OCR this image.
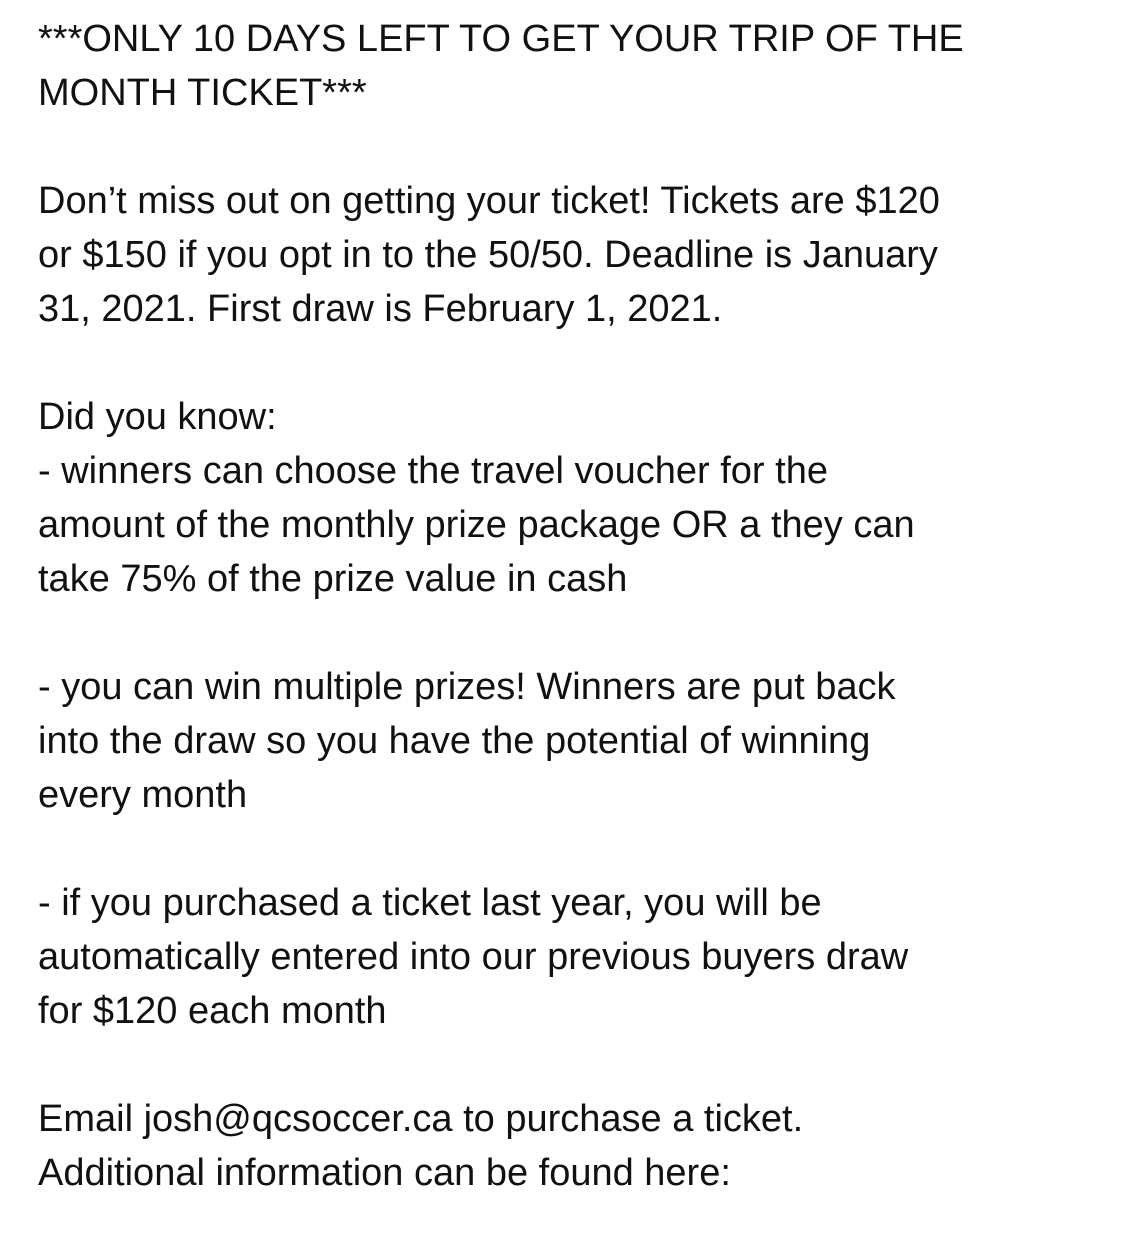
***ONLY 10 DAYS LEFT TO GET YOUR TRIP OF THE
MONTH TICKET***

Don’t miss out on getting your ticket! Tickets are $120
or $150 if you opt in to the 50/50. Deadline is January
31, 2021. First draw is February 1, 2021.

Did you know:
- winners can choose the travel voucher for the
amount of the monthly prize package OR a they can
take 75% of the prize value in cash

- you can win multiple prizes! Winners are put back
into the draw so you have the potential of winning
every month

- if you purchased a ticket last year, you will be
automatically entered into our previous buyers draw
for $120 each month

Email josh@qcsoccer.ca to purchase a ticket.
Additional information can be found here:
